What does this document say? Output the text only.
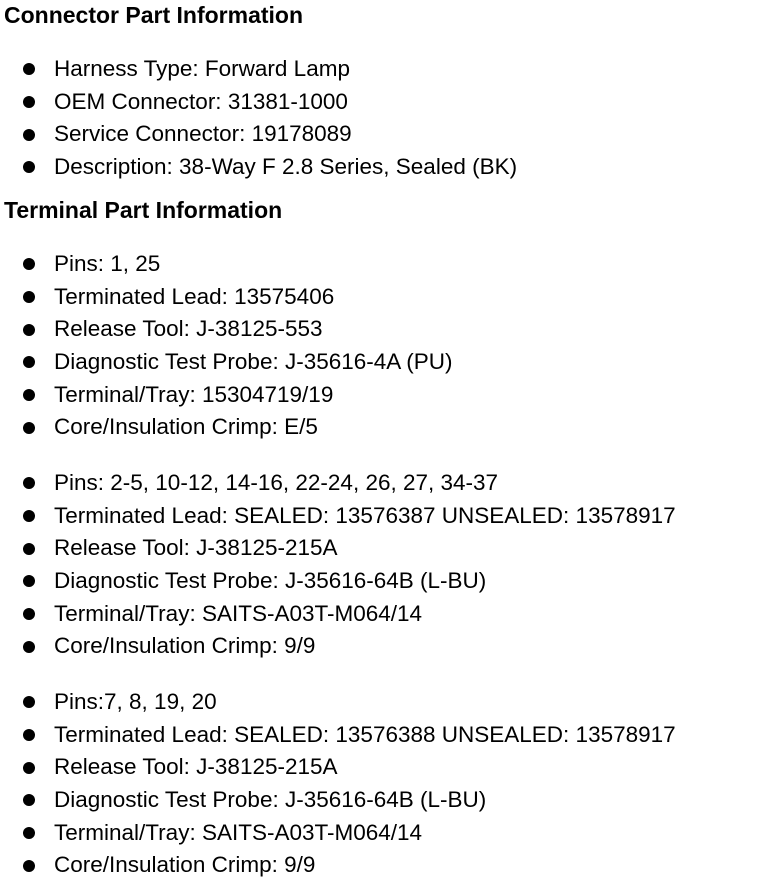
Connector Part Information
Harness Type: Forward Lamp
OEM Connector: 31381-1000
Service Connector: 19178089
Description: 38-Way F 2.8 Series, Sealed (BK)
Terminal Part Information
Pins: 1, 25
Terminated Lead: 13575406
Release Tool: J-38125-553
Diagnostic Test Probe: J-35616-4A (PU)
Terminal/Tray: 15304719/19
Core/Insulation Crimp: E/5
Pins: 2-5, 10-12, 14-16, 22-24, 26, 27, 34-37
Terminated Lead: SEALED: 13576387 UNSEALED: 13578917
Release Tool: J-38125-215A
Diagnostic Test Probe: J-35616-64B (L-BU)
Terminal/Tray: SAITS-A03T-M064/14
Core/Insulation Crimp: 9/9
Pins:7, 8, 19, 20
Terminated Lead: SEALED: 13576388 UNSEALED: 13578917
Release Tool: J-38125-215A
Diagnostic Test Probe: J-35616-64B (L-BU)
Terminal/Tray: SAITS-A03T-M064/14
Core/Insulation Crimp: 9/9
